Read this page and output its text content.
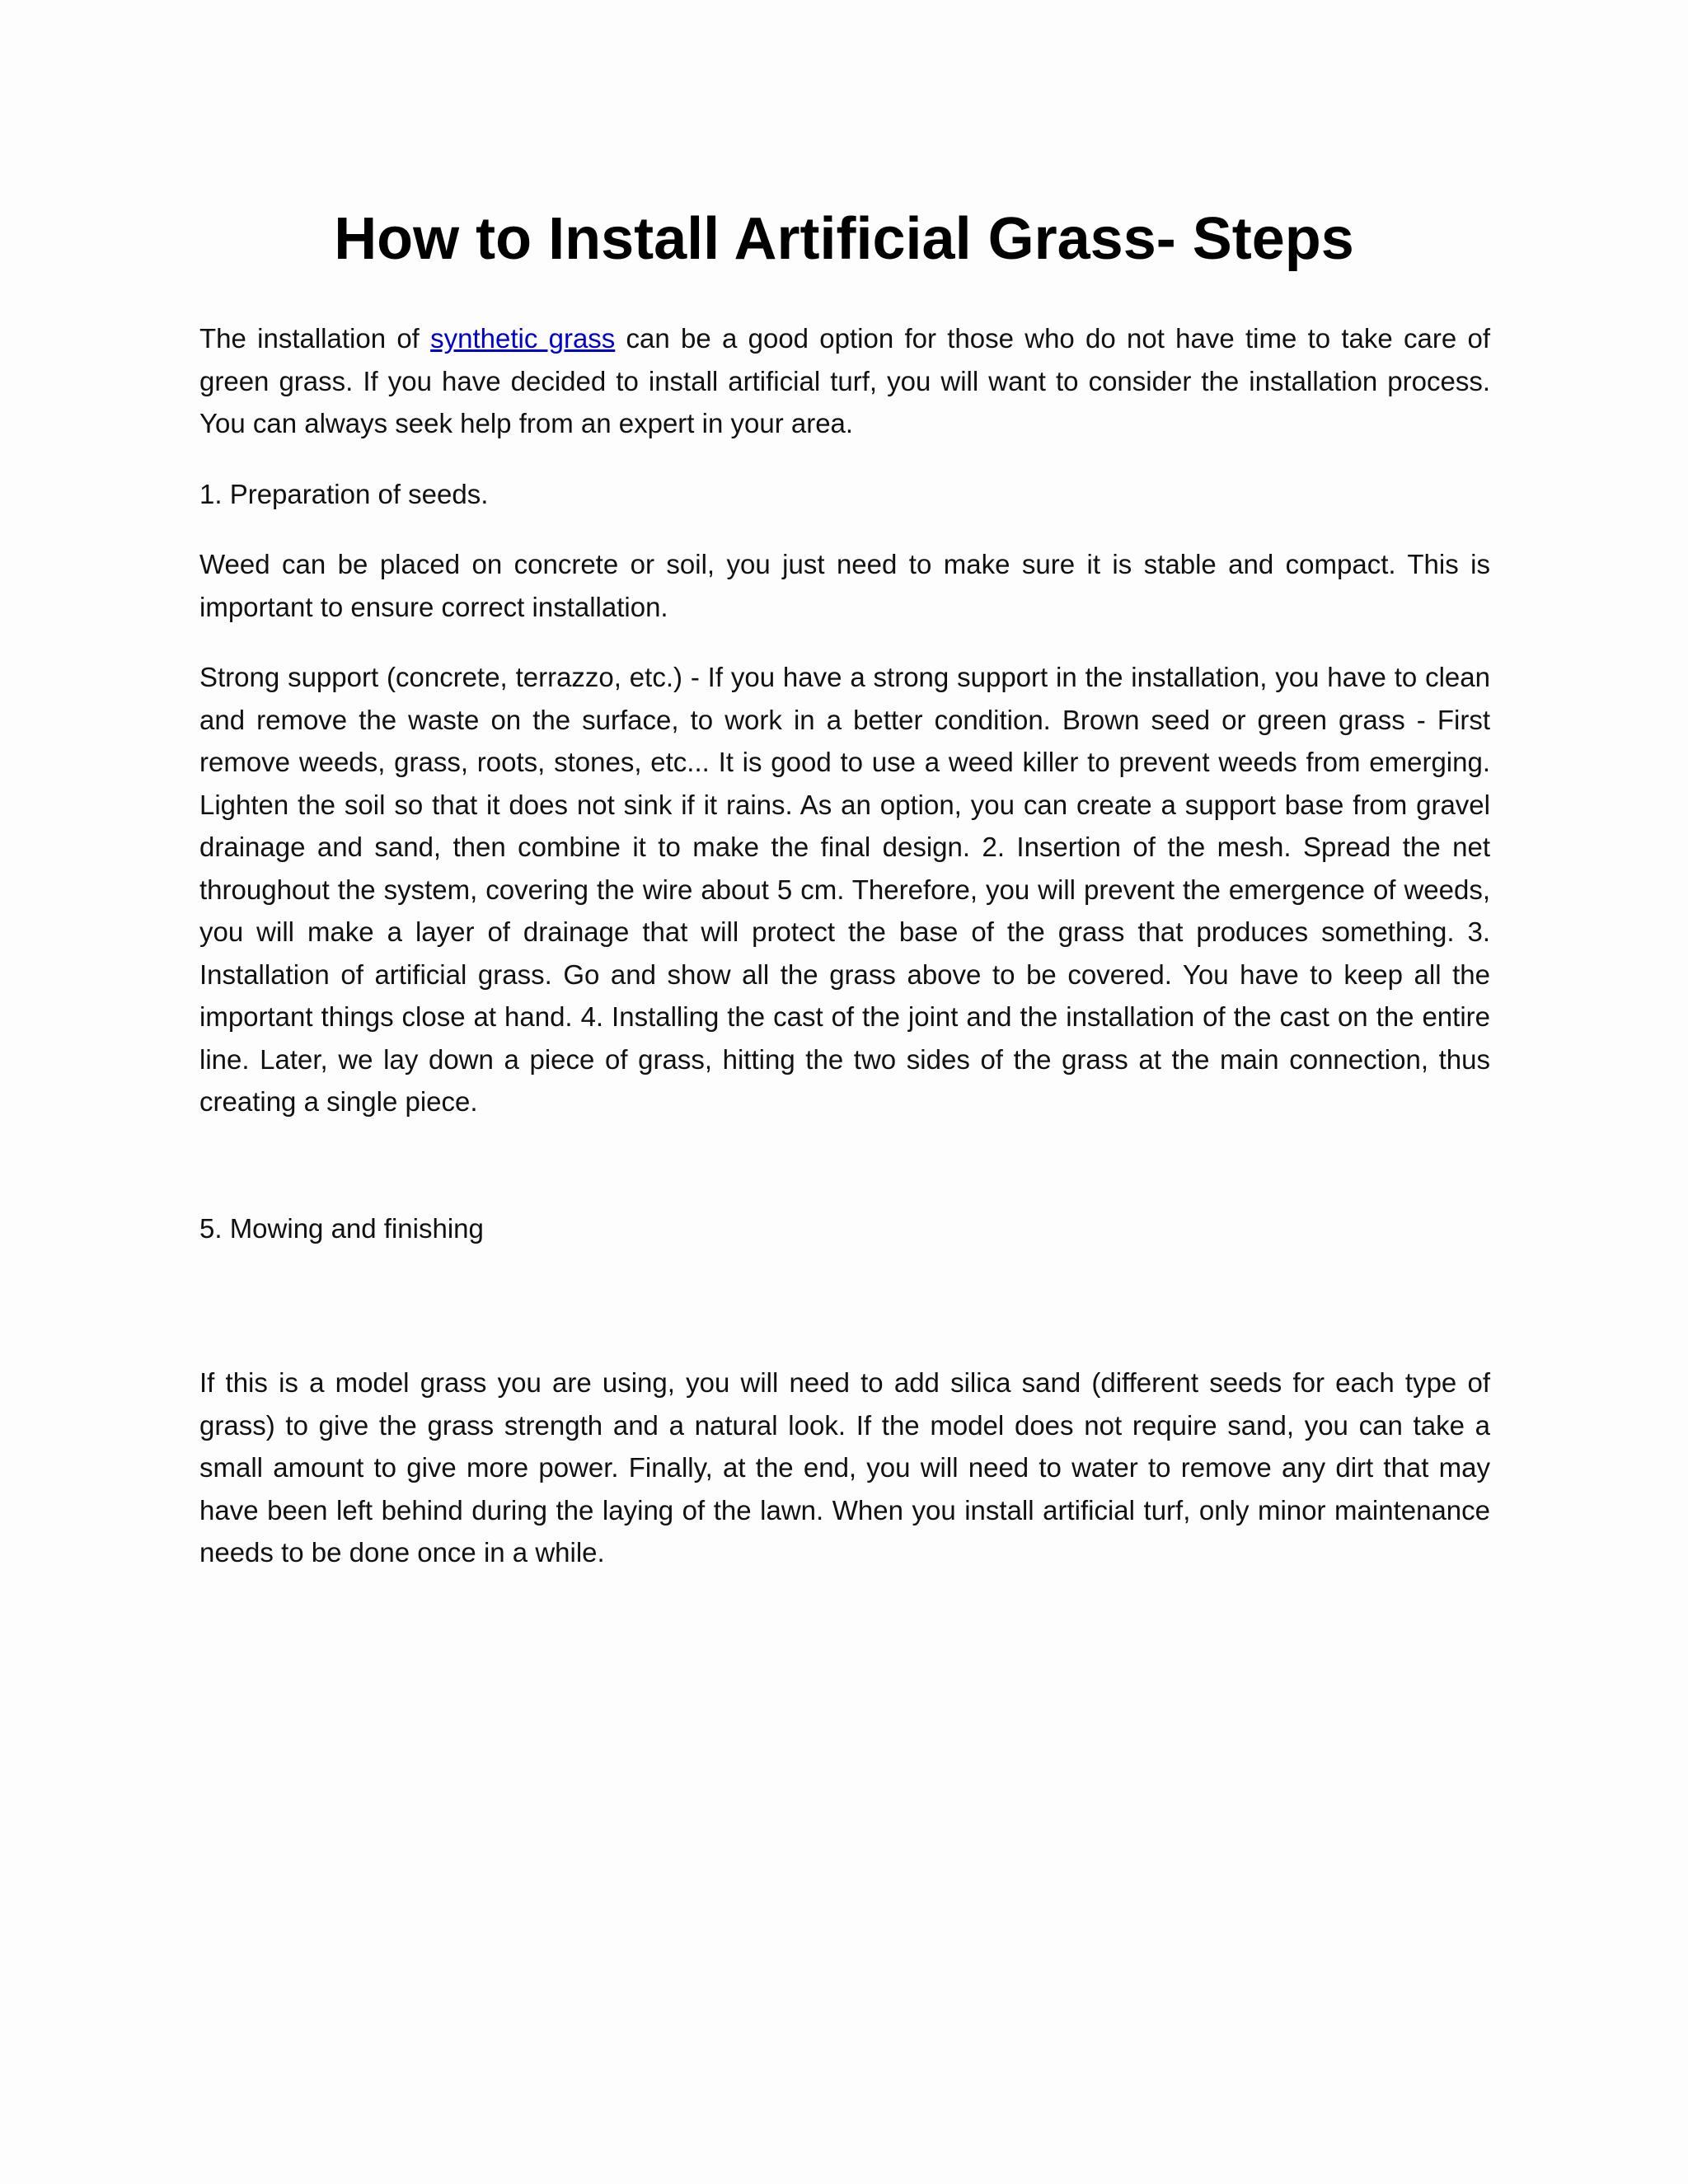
How to Install Artificial Grass- Steps

The installation of synthetic grass can be a good option for those who do not have time to take care of green grass. If you have decided to install artificial turf, you will want to consider the installation process. You can always seek help from an expert in your area.

1. Preparation of seeds.

Weed can be placed on concrete or soil, you just need to make sure it is stable and compact. This is important to ensure correct installation.

Strong support (concrete, terrazzo, etc.) - If you have a strong support in the installation, you have to clean and remove the waste on the surface, to work in a better condition. Brown seed or green grass - First remove weeds, grass, roots, stones, etc... It is good to use a weed killer to prevent weeds from emerging. Lighten the soil so that it does not sink if it rains. As an option, you can create a support base from gravel drainage and sand, then combine it to make the final design. 2. Insertion of the mesh. Spread the net throughout the system, covering the wire about 5 cm. Therefore, you will prevent the emergence of weeds, you will make a layer of drainage that will protect the base of the grass that produces something. 3. Installation of artificial grass. Go and show all the grass above to be covered. You have to keep all the important things close at hand. 4. Installing the cast of the joint and the installation of the cast on the entire line. Later, we lay down a piece of grass, hitting the two sides of the grass at the main connection, thus creating a single piece.

5. Mowing and finishing

If this is a model grass you are using, you will need to add silica sand (different seeds for each type of grass) to give the grass strength and a natural look. If the model does not require sand, you can take a small amount to give more power. Finally, at the end, you will need to water to remove any dirt that may have been left behind during the laying of the lawn. When you install artificial turf, only minor maintenance needs to be done once in a while.
